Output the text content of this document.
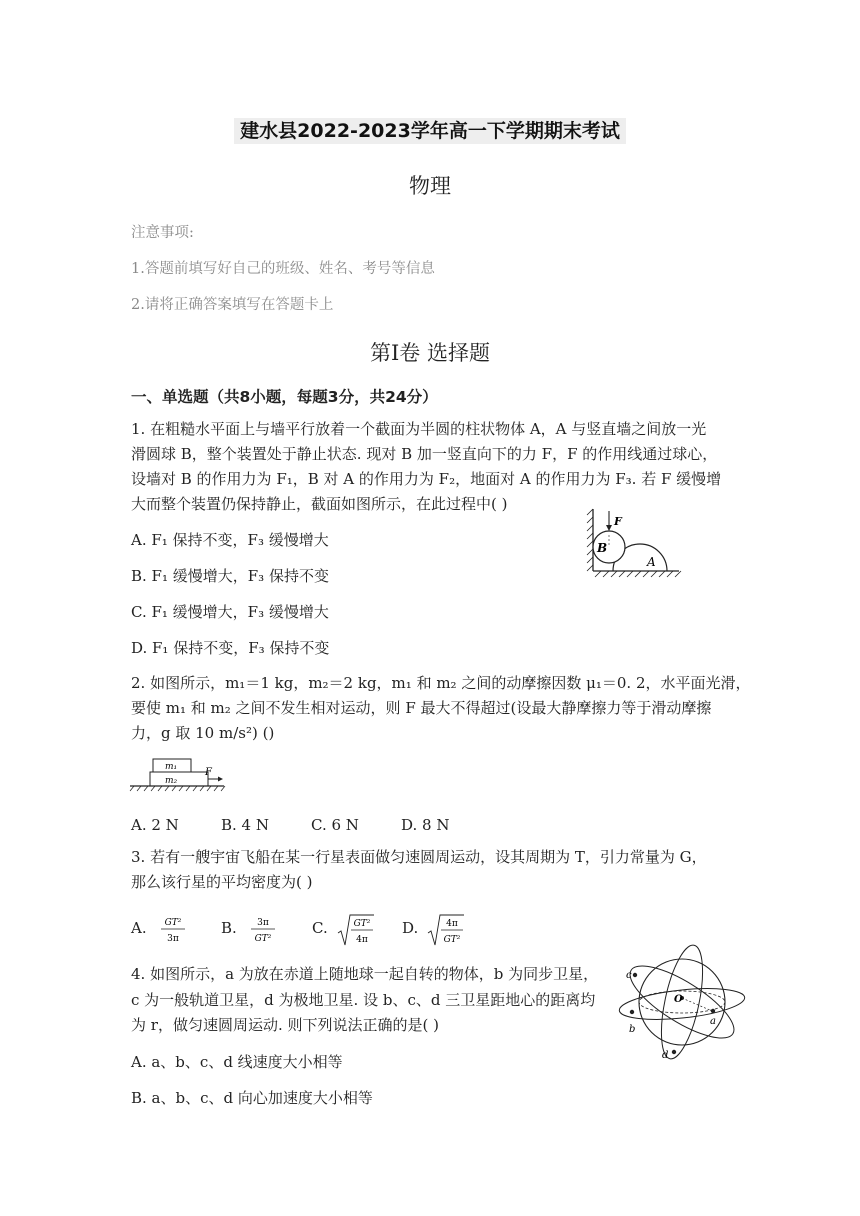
建水县2022-2023学年高一下学期期末考试
物理
注意事项:
1.答题前填写好自己的班级、姓名、考号等信息
2.请将正确答案填写在答题卡上
第Ⅰ卷 选择题
一、单选题（共8小题，每题3分，共24分）
1. 在粗糙水平面上与墙平行放着一个截面为半圆的柱状物体 A，A 与竖直墙之间放一光
滑圆球 B，整个装置处于静止状态. 现对 B 加一竖直向下的力 F，F 的作用线通过球心，
设墙对 B 的作用力为 F₁，B 对 A 的作用力为 F₂，地面对 A 的作用力为 F₃. 若 F 缓慢增
大而整个装置仍保持静止，截面如图所示，在此过程中( )
F
B
A
A. F₁ 保持不变，F₃ 缓慢增大
B. F₁ 缓慢增大，F₃ 保持不变
C. F₁ 缓慢增大，F₃ 缓慢增大
D. F₁ 保持不变，F₃ 保持不变
2. 如图所示，m₁＝1 kg，m₂＝2 kg，m₁ 和 m₂ 之间的动摩擦因数 μ₁＝0. 2，水平面光滑，
要使 m₁ 和 m₂ 之间不发生相对运动，则 F 最大不得超过(设最大静摩擦力等于滑动摩擦
力，g 取 10 m/s²) ()
m₁
m₂
F
A. 2 N	B. 4 N	C. 6 N	D. 8 N
3. 若有一艘宇宙飞船在某一行星表面做匀速圆周运动，设其周期为 T，引力常量为 G，
那么该行星的平均密度为( )
A. GT²
3π
B. 3π
GT²
C.	GT²
4π
D.	4π
GT²
4. 如图所示，a 为放在赤道上随地球一起自转的物体，b 为同步卫星，
c 为一般轨道卫星，d 为极地卫星. 设 b、c、d 三卫星距地心的距离均
为 r，做匀速圆周运动. 则下列说法正确的是( )
O
c
b
d
a
A. a、b、c、d 线速度大小相等
B. a、b、c、d 向心加速度大小相等
